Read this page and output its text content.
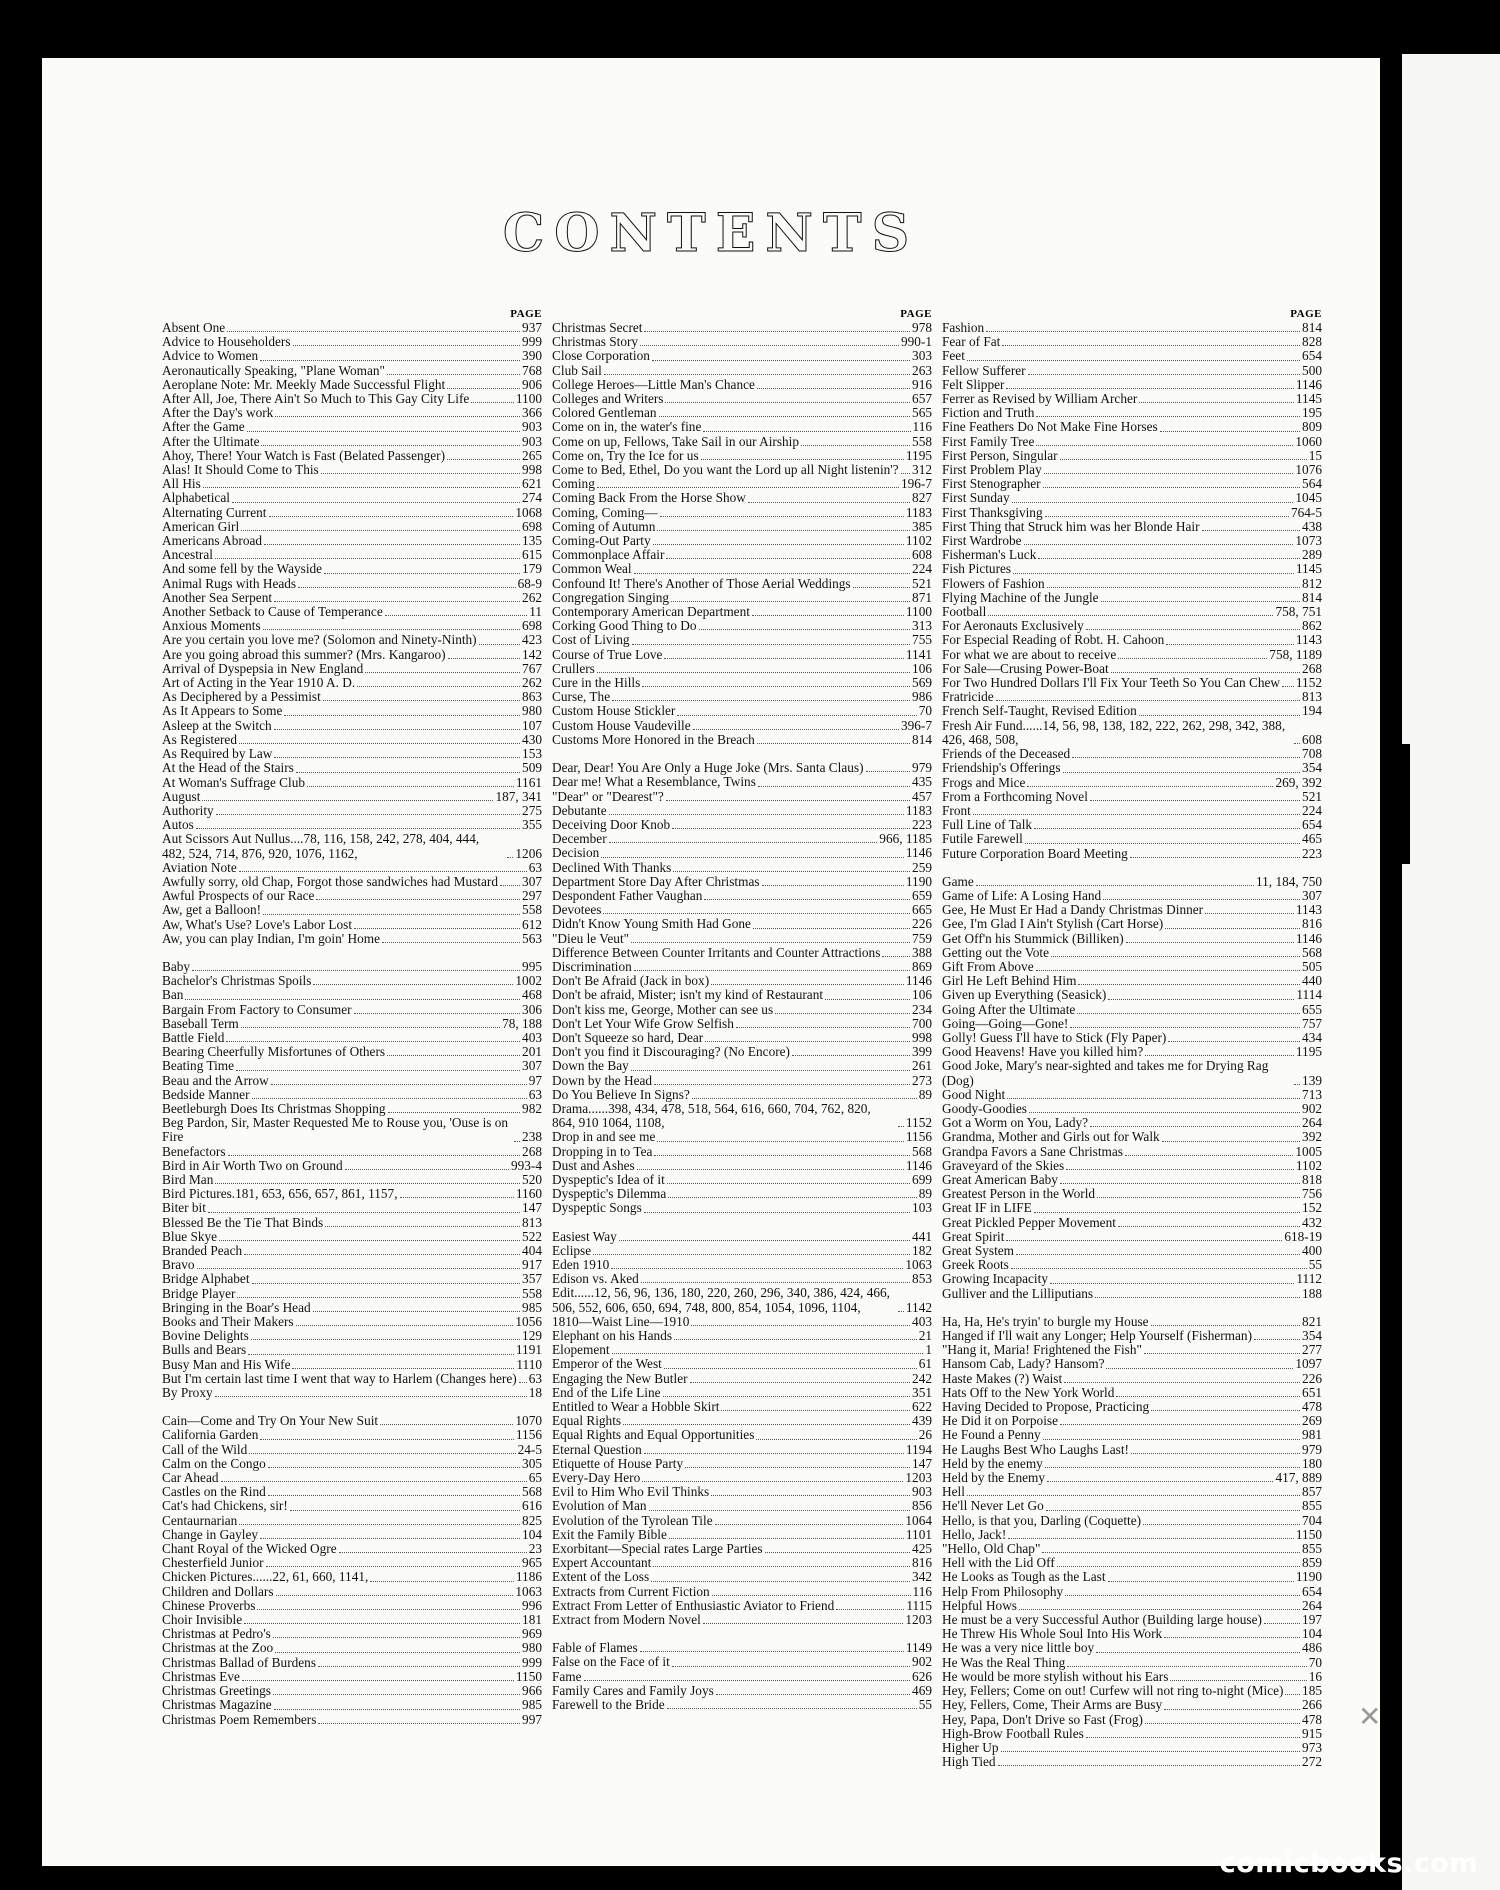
CONTENTS
PAGE
Absent One	937
Advice to Householders	999
Advice to Women	390
Aeronautically Speaking, "Plane Woman"	768
Aeroplane Note: Mr. Meekly Made Successful Flight	906
After All, Joe, There Ain't So Much to This Gay City Life	1100
After the Day's work	366
After the Game	903
After the Ultimate	903
Ahoy, There! Your Watch is Fast (Belated Passenger)	265
Alas! It Should Come to This	998
All His	621
Alphabetical	274
Alternating Current	1068
American Girl	698
Americans Abroad	135
Ancestral	615
And some fell by the Wayside	179
Animal Rugs with Heads	68-9
Another Sea Serpent	262
Another Setback to Cause of Temperance	11
Anxious Moments	698
Are you certain you love me? (Solomon and Ninety-Ninth)	423
Are you going abroad this summer? (Mrs. Kangaroo)	142
Arrival of Dyspepsia in New England	767
Art of Acting in the Year 1910 A. D.	262
As Deciphered by a Pessimist	863
As It Appears to Some	980
Asleep at the Switch	107
As Registered	430
As Required by Law	153
At the Head of the Stairs	509
At Woman's Suffrage Club	1161
August	187, 341
Authority	275
Autos	355
Aut Scissors Aut Nullus....78, 116, 158, 242, 278, 404, 444, 482, 524, 714, 876, 920, 1076, 1162,	1206
Aviation Note	63
Awfully sorry, old Chap, Forgot those sandwiches had Mustard 307
Awful Prospects of our Race	297
Aw, get a Balloon!	558
Aw, What's Use? Love's Labor Lost	612
Aw, you can play Indian, I'm goin' Home	563
Baby	995
Bachelor's Christmas Spoils	1002
Ban	468
Bargain From Factory to Consumer	306
Baseball Term	78, 188
Battle Field	403
Bearing Cheerfully Misfortunes of Others	201
Beating Time	307
Beau and the Arrow	97
Bedside Manner	63
Beetleburgh Does Its Christmas Shopping	982
Beg Pardon, Sir, Master Requested Me to Rouse you, 'Ouse is on Fire	238
Benefactors	268
Bird in Air Worth Two on Ground	993-4
Bird Man	520
Bird Pictures.181, 653, 656, 657, 861, 1157,	1160
Biter bit	147
Blessed Be the Tie That Binds	813
Blue Skye	522
Branded Peach	404
Bravo	917
Bridge Alphabet	357
Bridge Player	558
Bringing in the Boar's Head	985
Books and Their Makers	1056
Bovine Delights	129
Bulls and Bears	1191
Busy Man and His Wife	1110
But I'm certain last time I went that way to Harlem (Changes here) 63
By Proxy	18
Cain—Come and Try On Your New Suit	1070
California Garden	1156
Call of the Wild	24-5
Calm on the Congo	305
Car Ahead	65
Castles on the Rind	568
Cat's had Chickens, sir!	616
Centaurnarian	825
Change in Gayley	104
Chant Royal of the Wicked Ogre	23
Chesterfield Junior	965
Chicken Pictures......22, 61, 660, 1141,	1186
Children and Dollars	1063
Chinese Proverbs	996
Choir Invisible	181
Christmas at Pedro's	969
Christmas at the Zoo	980
Christmas Ballad of Burdens	999
Christmas Eve	1150
Christmas Greetings	966
Christmas Magazine	985
Christmas Poem Remembers	997
PAGE
Christmas Secret	978
Christmas Story	990-1
Close Corporation	303
Club Sail	263
College Heroes—Little Man's Chance	916
Colleges and Writers	657
Colored Gentleman	565
Come on in, the water's fine	116
Come on up, Fellows, Take Sail in our Airship	558
Come on, Try the Ice for us	1195
Come to Bed, Ethel, Do you want the Lord up all Night listenin'? 312
Coming	196-7
Coming Back From the Horse Show	827
Coming, Coming—	1183
Coming of Autumn	385
Coming-Out Party	1102
Commonplace Affair	608
Common Weal	224
Confound It! There's Another of Those Aerial Weddings	521
Congregation Singing	871
Contemporary American Department	1100
Corking Good Thing to Do	313
Cost of Living	755
Course of True Love	1141
Crullers	106
Cure in the Hills	569
Curse, The	986
Custom House Stickler	70
Custom House Vaudeville	396-7
Customs More Honored in the Breach	814
Dear, Dear! You Are Only a Huge Joke (Mrs. Santa Claus)	979
Dear me! What a Resemblance, Twins	435
"Dear" or "Dearest"?	457
Debutante	1183
Deceiving Door Knob	223
December	966, 1185
Decision	1146
Declined With Thanks	259
Department Store Day After Christmas	1190
Despondent Father Vaughan	659
Devotees	665
Didn't Know Young Smith Had Gone	226
"Dieu le Veut"	759
Difference Between Counter Irritants and Counter Attractions 388
Discrimination	869
Don't Be Afraid (Jack in box)	1146
Don't be afraid, Mister; isn't my kind of Restaurant	106
Don't kiss me, George, Mother can see us	234
Don't Let Your Wife Grow Selfish	700
Don't Squeeze so hard, Dear	998
Don't you find it Discouraging? (No Encore)	399
Down the Bay	261
Down by the Head	273
Do You Believe In Signs?	89
Drama......398, 434, 478, 518, 564, 616, 660, 704, 762, 820, 864, 910 1064, 1108,	1152
Drop in and see me	1156
Dropping in to Tea	568
Dust and Ashes	1146
Dyspeptic's Idea of it	699
Dyspeptic's Dilemma	89
Dyspeptic Songs	103
Easiest Way	441
Eclipse	182
Eden 1910	1063
Edison vs. Aked	853
Edit......12, 56, 96, 136, 180, 220, 260, 296, 340, 386, 424, 466, 506, 552, 606, 650, 694, 748, 800, 854, 1054, 1096, 1104,	1142
1810—Waist Line—1910	403
Elephant on his Hands	21
Elopement	1
Emperor of the West	61
Engaging the New Butler	242
End of the Life Line	351
Entitled to Wear a Hobble Skirt	622
Equal Rights	439
Equal Rights and Equal Opportunities	26
Eternal Question	1194
Etiquette of House Party	147
Every-Day Hero	1203
Evil to Him Who Evil Thinks	903
Evolution of Man	856
Evolution of the Tyrolean Tile	1064
Exit the Family Bible	1101
Exorbitant—Special rates Large Parties	425
Expert Accountant	816
Extent of the Loss	342
Extracts from Current Fiction	116
Extract From Letter of Enthusiastic Aviator to Friend	1115
Extract from Modern Novel	1203
Fable of Flames	1149
False on the Face of it	902
Fame	626
Family Cares and Family Joys	469
Farewell to the Bride	55
PAGE
Fashion	814
Fear of Fat	828
Feet	654
Fellow Sufferer	500
Felt Slipper	1146
Ferrer as Revised by William Archer	1145
Fiction and Truth	195
Fine Feathers Do Not Make Fine Horses	809
First Family Tree	1060
First Person, Singular	15
First Problem Play	1076
First Stenographer	564
First Sunday	1045
First Thanksgiving	764-5
First Thing that Struck him was her Blonde Hair	438
First Wardrobe	1073
Fisherman's Luck	289
Fish Pictures	1145
Flowers of Fashion	812
Flying Machine of the Jungle	814
Football	758, 751
For Aeronauts Exclusively	862
For Especial Reading of Robt. H. Cahoon	1143
For what we are about to receive	758, 1189
For Sale—Crusing Power-Boat	268
For Two Hundred Dollars I'll Fix Your Teeth So You Can Chew 1152
Fratricide	813
French Self-Taught, Revised Edition	194
Fresh Air Fund......14, 56, 98, 138, 182, 222, 262, 298, 342, 388, 426, 468, 508,	608
Friends of the Deceased	708
Friendship's Offerings	354
Frogs and Mice	269, 392
From a Forthcoming Novel	521
Front	224
Full Line of Talk	654
Futile Farewell	465
Future Corporation Board Meeting	223
Game	11, 184, 750
Game of Life: A Losing Hand	307
Gee, He Must Er Had a Dandy Christmas Dinner	1143
Gee, I'm Glad I Ain't Stylish (Cart Horse)	816
Get Off'n his Stummick (Billiken)	1146
Getting out the Vote	568
Gift From Above	505
Girl He Left Behind Him	440
Given up Everything (Seasick)	1114
Going After the Ultimate	655
Going—Going—Gone!	757
Golly! Guess I'll have to Stick (Fly Paper)	434
Good Heavens! Have you killed him?	1195
Good Joke, Mary's near-sighted and takes me for Drying Rag (Dog)	139
Good Night	713
Goody-Goodies	902
Got a Worm on You, Lady?	264
Grandma, Mother and Girls out for Walk	392
Grandpa Favors a Sane Christmas	1005
Graveyard of the Skies	1102
Great American Baby	818
Greatest Person in the World	756
Great IF in LIFE	152
Great Pickled Pepper Movement	432
Great Spirit	618-19
Great System	400
Greek Roots	55
Growing Incapacity	1112
Gulliver and the Lilliputians	188
Ha, Ha, He's tryin' to burgle my House	821
Hanged if I'll wait any Longer; Help Yourself (Fisherman)	354
"Hang it, Maria! Frightened the Fish"	277
Hansom Cab, Lady? Hansom?	1097
Haste Makes (?) Waist	226
Hats Off to the New York World	651
Having Decided to Propose, Practicing	478
He Did it on Porpoise	269
He Found a Penny	981
He Laughs Best Who Laughs Last!	979
Held by the enemy	180
Held by the Enemy	417, 889
Hell	857
He'll Never Let Go	855
Hello, is that you, Darling (Coquette)	704
Hello, Jack!	1150
"Hello, Old Chap"	855
Hell with the Lid Off	859
He Looks as Tough as the Last	1190
Help From Philosophy	654
Helpful Hows	264
He must be a very Successful Author (Building large house)	197
He Threw His Whole Soul Into His Work	104
He was a very nice little boy	486
He Was the Real Thing	70
He would be more stylish without his Ears	16
Hey, Fellers; Come on out! Curfew will not ring to-night (Mice) 185
Hey, Fellers, Come, Their Arms are Busy	266
Hey, Papa, Don't Drive so Fast (Frog)	478
High-Brow Football Rules	915
Higher Up	973
High Tied	272
✕
comicbooks.com
